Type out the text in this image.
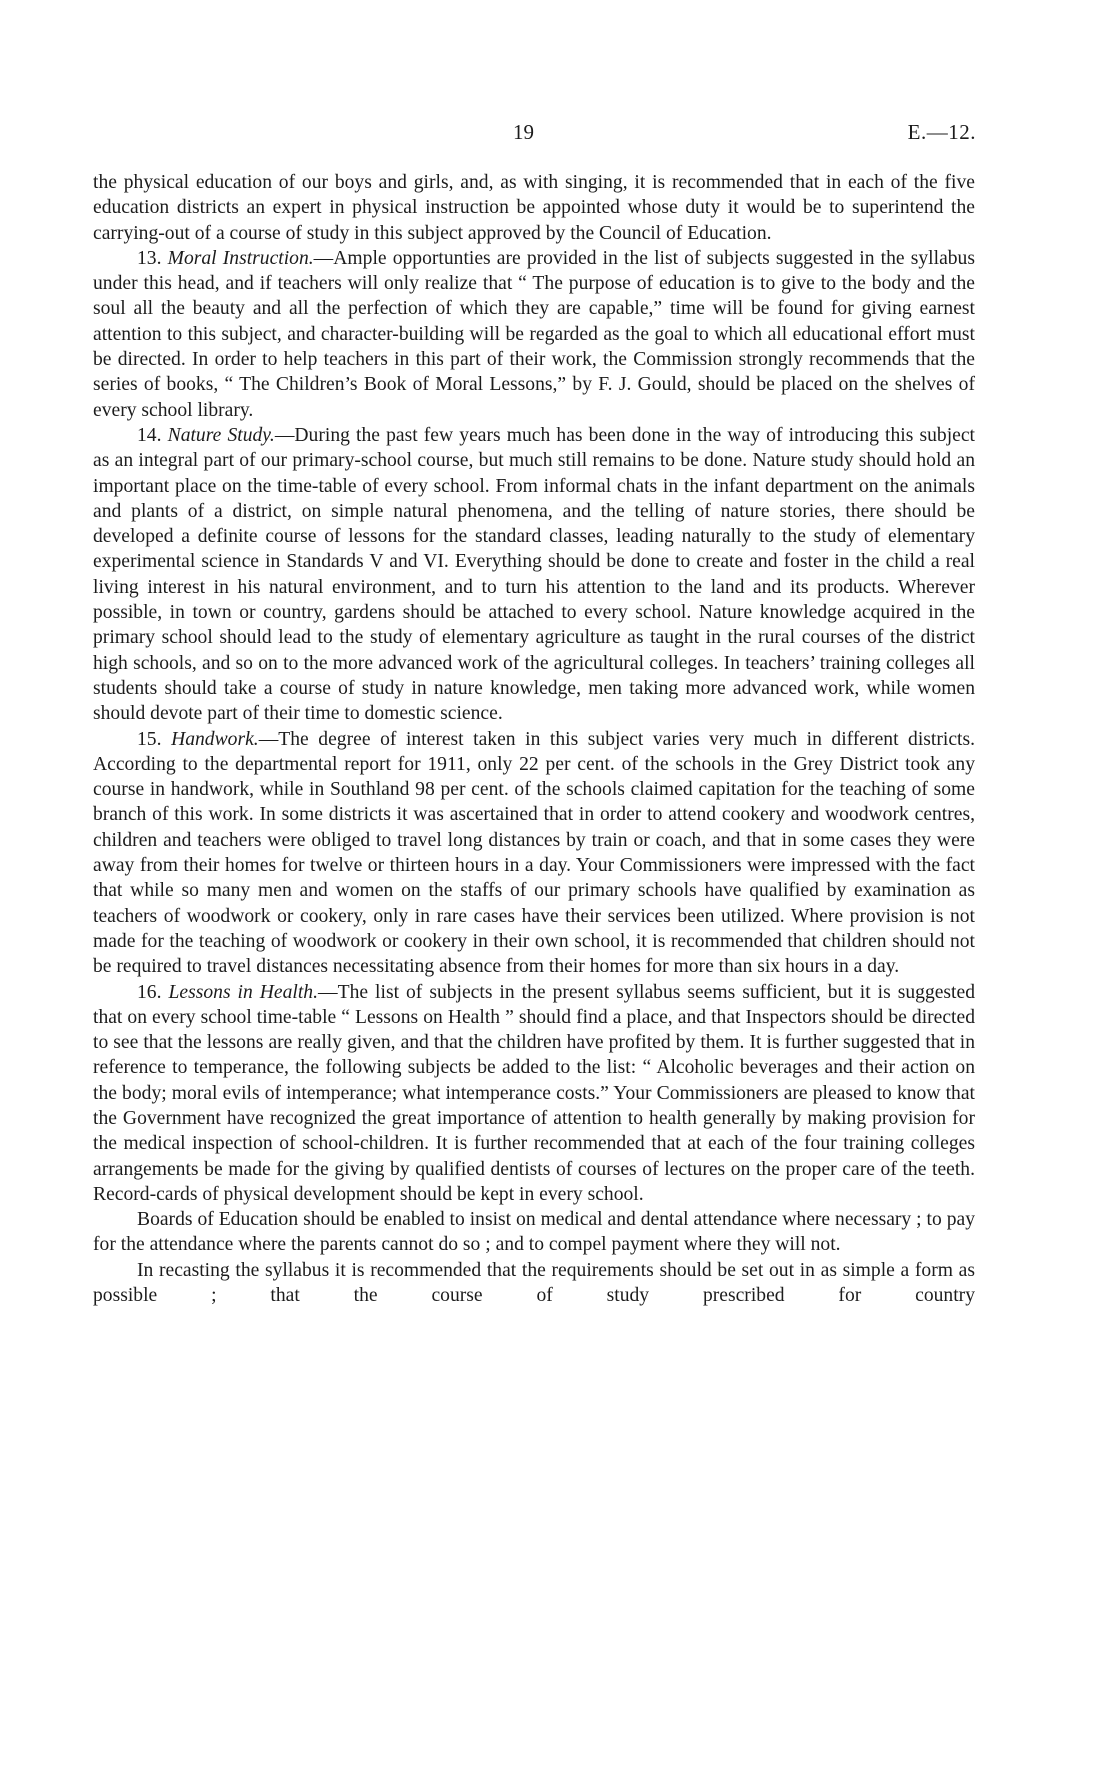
19	E.—12.

the physical education of our boys and girls, and, as with singing, it is recommended that in each of the five education districts an expert in physical instruction be appointed whose duty it would be to superintend the carrying-out of a course of study in this subject approved by the Council of Education.

13. Moral Instruction.—Ample opportunties are provided in the list of subjects suggested in the syllabus under this head, and if teachers will only realize that “ The purpose of education is to give to the body and the soul all the beauty and all the perfection of which they are capable,” time will be found for giving earnest attention to this subject, and character-building will be regarded as the goal to which all educational effort must be directed. In order to help teachers in this part of their work, the Commission strongly recommends that the series of books, “ The Children’s Book of Moral Lessons,” by F. J. Gould, should be placed on the shelves of every school library.

14. Nature Study.—During the past few years much has been done in the way of introducing this subject as an integral part of our primary-school course, but much still remains to be done. Nature study should hold an important place on the time-table of every school. From informal chats in the infant department on the animals and plants of a district, on simple natural phenomena, and the telling of nature stories, there should be developed a definite course of lessons for the standard classes, leading naturally to the study of elementary experimental science in Standards V and VI. Everything should be done to create and foster in the child a real living interest in his natural environment, and to turn his attention to the land and its products. Wherever possible, in town or country, gardens should be attached to every school. Nature knowledge acquired in the primary school should lead to the study of elementary agriculture as taught in the rural courses of the district high schools, and so on to the more advanced work of the agricultural colleges. In teachers’ training colleges all students should take a course of study in nature knowledge, men taking more advanced work, while women should devote part of their time to domestic science.

15. Handwork.—The degree of interest taken in this subject varies very much in different districts. According to the departmental report for 1911, only 22 per cent. of the schools in the Grey District took any course in handwork, while in Southland 98 per cent. of the schools claimed capitation for the teaching of some branch of this work. In some districts it was ascertained that in order to attend cookery and woodwork centres, children and teachers were obliged to travel long distances by train or coach, and that in some cases they were away from their homes for twelve or thirteen hours in a day. Your Commissioners were impressed with the fact that while so many men and women on the staffs of our primary schools have qualified by examination as teachers of woodwork or cookery, only in rare cases have their services been utilized. Where provision is not made for the teaching of woodwork or cookery in their own school, it is recommended that children should not be required to travel distances necessitating absence from their homes for more than six hours in a day.

16. Lessons in Health.—The list of subjects in the present syllabus seems sufficient, but it is suggested that on every school time-table “ Lessons on Health ” should find a place, and that Inspectors should be directed to see that the lessons are really given, and that the children have profited by them. It is further suggested that in reference to temperance, the following subjects be added to the list: “ Alcoholic beverages and their action on the body; moral evils of intemperance; what intemperance costs.” Your Commissioners are pleased to know that the Government have recognized the great importance of attention to health generally by making provision for the medical inspection of school-children. It is further recommended that at each of the four training colleges arrangements be made for the giving by qualified dentists of courses of lectures on the proper care of the teeth. Record-cards of physical development should be kept in every school.

Boards of Education should be enabled to insist on medical and dental attendance where necessary ; to pay for the attendance where the parents cannot do so ; and to compel payment where they will not.

In recasting the syllabus it is recommended that the requirements should be set out in as simple a form as possible ; that the course of study prescribed for country
